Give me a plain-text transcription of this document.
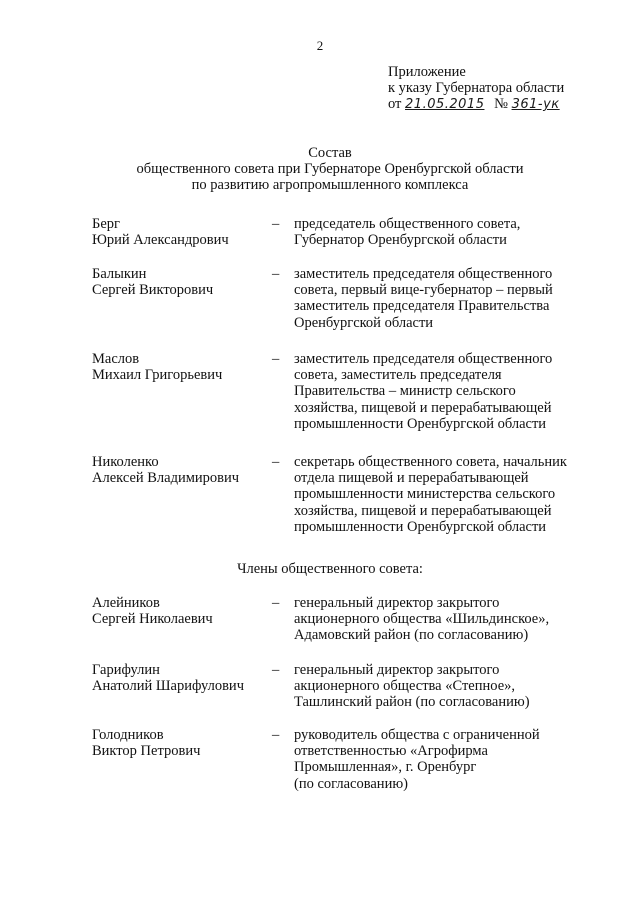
2
Приложение
к указу Губернатора области
от 21.05.2015 № 361-ук
Состав
общественного совета при Губернаторе Оренбургской области
по развитию агропромышленного комплекса
Берг
Юрий Александрович
–	председатель общественного совета,
Губернатор Оренбургской области
Балыкин
Сергей Викторович
–	заместитель председателя общественного
совета, первый вице-губернатор – первый
заместитель председателя Правительства
Оренбургской области
Маслов
Михаил Григорьевич
–	заместитель председателя общественного
совета, заместитель председателя
Правительства – министр сельского
хозяйства, пищевой и перерабатывающей
промышленности Оренбургской области
Николенко
Алексей Владимирович
–	секретарь общественного совета, начальник
отдела пищевой и перерабатывающей
промышленности министерства сельского
хозяйства, пищевой и перерабатывающей
промышленности Оренбургской области
Члены общественного совета:
Алейников
Сергей Николаевич
–	генеральный директор закрытого
акционерного общества «Шильдинское»,
Адамовский район (по согласованию)
Гарифулин
Анатолий Шарифулович
–	генеральный директор закрытого
акционерного общества «Степное»,
Ташлинский район (по согласованию)
Голодников
Виктор Петрович
–	руководитель общества с ограниченной
ответственностью «Агрофирма
Промышленная», г. Оренбург
(по согласованию)
